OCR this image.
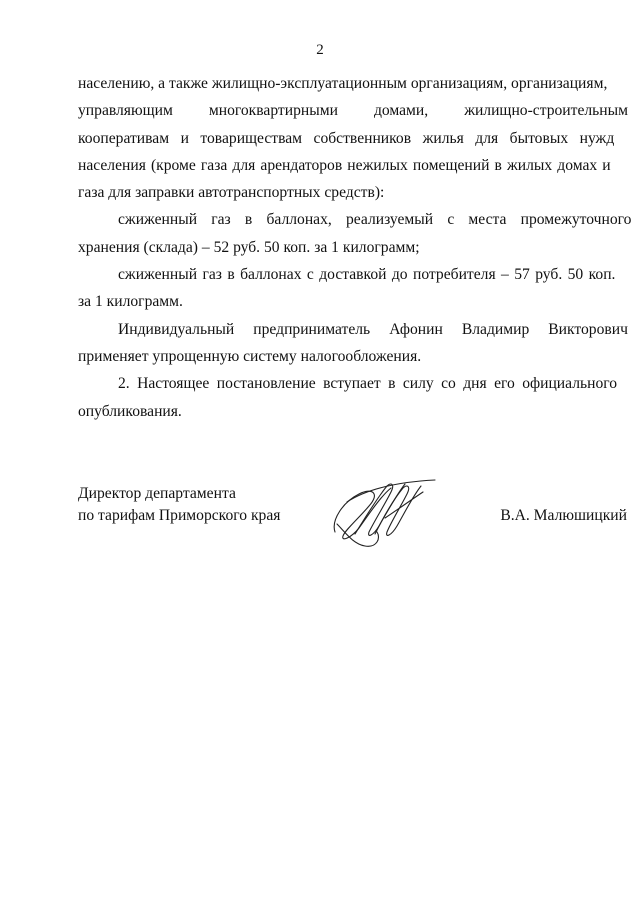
2
населению, а также жилищно-эксплуатационным организациям, организациям,
управляющим многоквартирными домами, жилищно-строительным
кооперативам и товариществам собственников жилья для бытовых нужд
населения (кроме газа для арендаторов нежилых помещений в жилых домах и
газа для заправки автотранспортных средств):
сжиженный газ в баллонах, реализуемый с места промежуточного
хранения (склада) – 52 руб. 50 коп. за 1 килограмм;
сжиженный газ в баллонах с доставкой до потребителя – 57 руб. 50 коп.
за 1 килограмм.
Индивидуальный предприниматель Афонин Владимир Викторович
применяет упрощенную систему налогообложения.
2. Настоящее постановление вступает в силу со дня его официального
опубликования.
Директор департамента
по тарифам Приморского края	В.А. Малюшицкий
